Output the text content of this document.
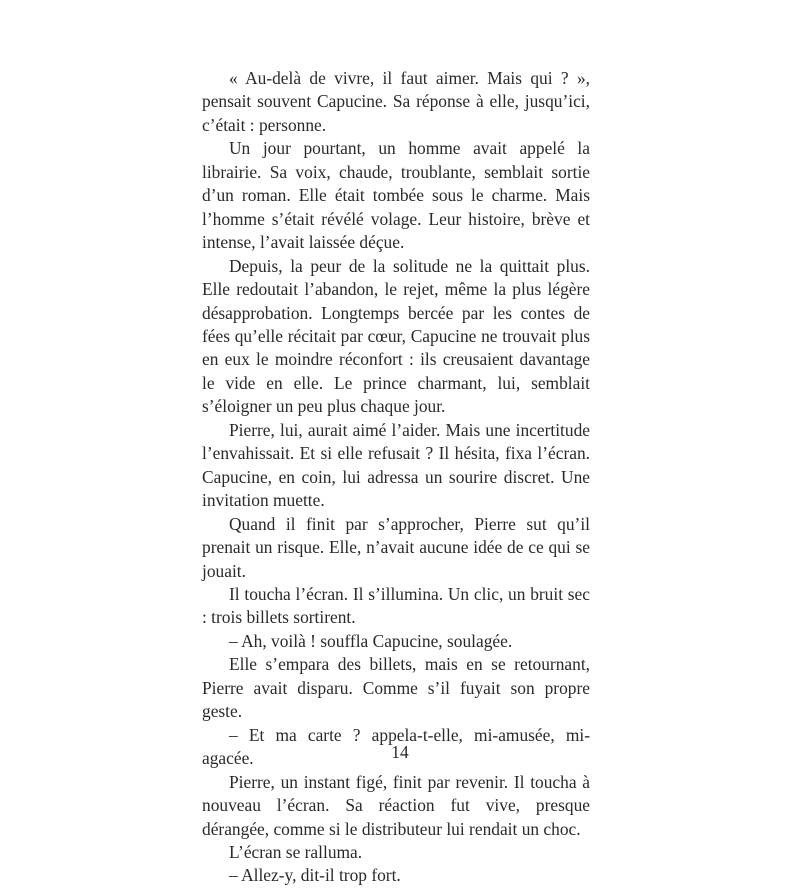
« Au-delà de vivre, il faut aimer. Mais qui ? », pensait souvent Capucine. Sa réponse à elle, jusqu’ici, c’était : personne.

Un jour pourtant, un homme avait appelé la librairie. Sa voix, chaude, troublante, semblait sortie d’un roman. Elle était tombée sous le charme. Mais l’homme s’était révélé volage. Leur histoire, brève et intense, l’avait laissée déçue.

Depuis, la peur de la solitude ne la quittait plus. Elle redoutait l’abandon, le rejet, même la plus légère désapprobation. Longtemps bercée par les contes de fées qu’elle récitait par cœur, Capucine ne trouvait plus en eux le moindre réconfort : ils creusaient davantage le vide en elle. Le prince charmant, lui, semblait s’éloigner un peu plus chaque jour.

Pierre, lui, aurait aimé l’aider. Mais une incertitude l’envahissait. Et si elle refusait ? Il hésita, fixa l’écran. Capucine, en coin, lui adressa un sourire discret. Une invitation muette.

Quand il finit par s’approcher, Pierre sut qu’il prenait un risque. Elle, n’avait aucune idée de ce qui se jouait.

Il toucha l’écran. Il s’illumina. Un clic, un bruit sec : trois billets sortirent.

– Ah, voilà ! souffla Capucine, soulagée.

Elle s’empara des billets, mais en se retournant, Pierre avait disparu. Comme s’il fuyait son propre geste.

– Et ma carte ? appela-t-elle, mi-amusée, mi-agacée.

Pierre, un instant figé, finit par revenir. Il toucha à nouveau l’écran. Sa réaction fut vive, presque dérangée, comme si le distributeur lui rendait un choc.

L’écran se ralluma.

– Allez-y, dit-il trop fort.

14
